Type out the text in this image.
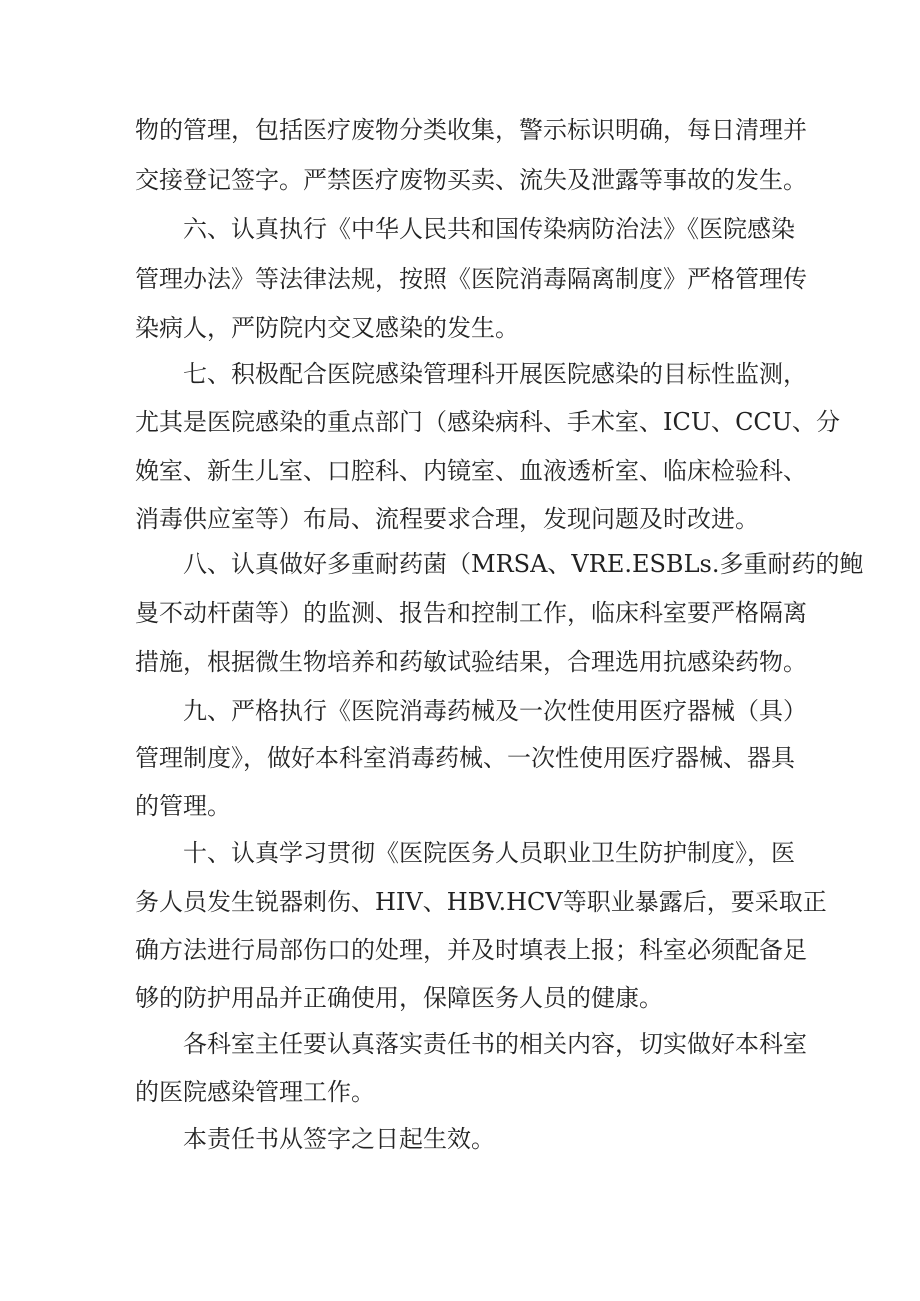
物的管理，包括医疗废物分类收集，警示标识明确，每日清理并

交接登记签字。严禁医疗废物买卖、流失及泄露等事故的发生。

六、认真执行《中华人民共和国传染病防治法》《医院感染

管理办法》等法律法规，按照《医院消毒隔离制度》严格管理传

染病人，严防院内交叉感染的发生。

七、积极配合医院感染管理科开展医院感染的目标性监测，

尤其是医院感染的重点部门（感染病科、手术室、ICU、CCU、分

娩室、新生儿室、口腔科、内镜室、血液透析室、临床检验科、

消毒供应室等）布局、流程要求合理，发现问题及时改进。

八、认真做好多重耐药菌（MRSA、VRE.ESBLs.多重耐药的鲍

曼不动杆菌等）的监测、报告和控制工作，临床科室要严格隔离

措施，根据微生物培养和药敏试验结果，合理选用抗感染药物。

九、严格执行《医院消毒药械及一次性使用医疗器械（具）

管理制度》，做好本科室消毒药械、一次性使用医疗器械、器具

的管理。

十、认真学习贯彻《医院医务人员职业卫生防护制度》，医

务人员发生锐器刺伤、HIV、HBV.HCV等职业暴露后，要采取正

确方法进行局部伤口的处理，并及时填表上报；科室必须配备足

够的防护用品并正确使用，保障医务人员的健康。

各科室主任要认真落实责任书的相关内容，切实做好本科室

的医院感染管理工作。

本责任书从签字之日起生效。
